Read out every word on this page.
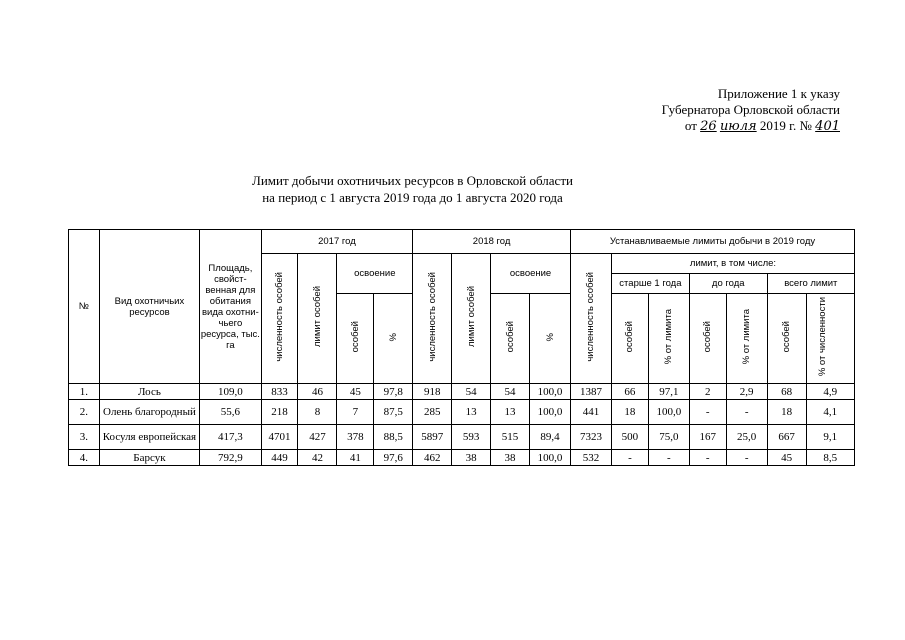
Приложение 1 к указу
Губернатора Орловской области
от 26 июля 2019 г. № 401
Лимит добычи охотничьих ресурсов в Орловской области
на период с 1 августа 2019 года до 1 августа 2020 года
№	Вид охотничьих ресурсов	Площадь, свойст-венная для обитания вида охотни-чьего ресурса, тыс. га	2017 год				2018 год				Устанавливаемые лимиты добычи в 2019 году						
			численность особей	лимит особей	освоение		численность особей	лимит особей	освоение		численность особей	лимит, в том числе:					
												старше 1 года		до года		всего лимит	
					особей	%			особей	%		особей	% от лимита	особей	% от лимита	особей	% от численности
1.	Лось	109,0	833	46	45	97,8	918	54	54	100,0	1387	66	97,1	2	2,9	68	4,9
2.	Олень благородный	55,6	218	8	7	87,5	285	13	13	100,0	441	18	100,0	-	-	18	4,1
3.	Косуля европейская	417,3	4701	427	378	88,5	5897	593	515	89,4	7323	500	75,0	167	25,0	667	9,1
4.	Барсук	792,9	449	42	41	97,6	462	38	38	100,0	532	-	-	-	-	45	8,5
